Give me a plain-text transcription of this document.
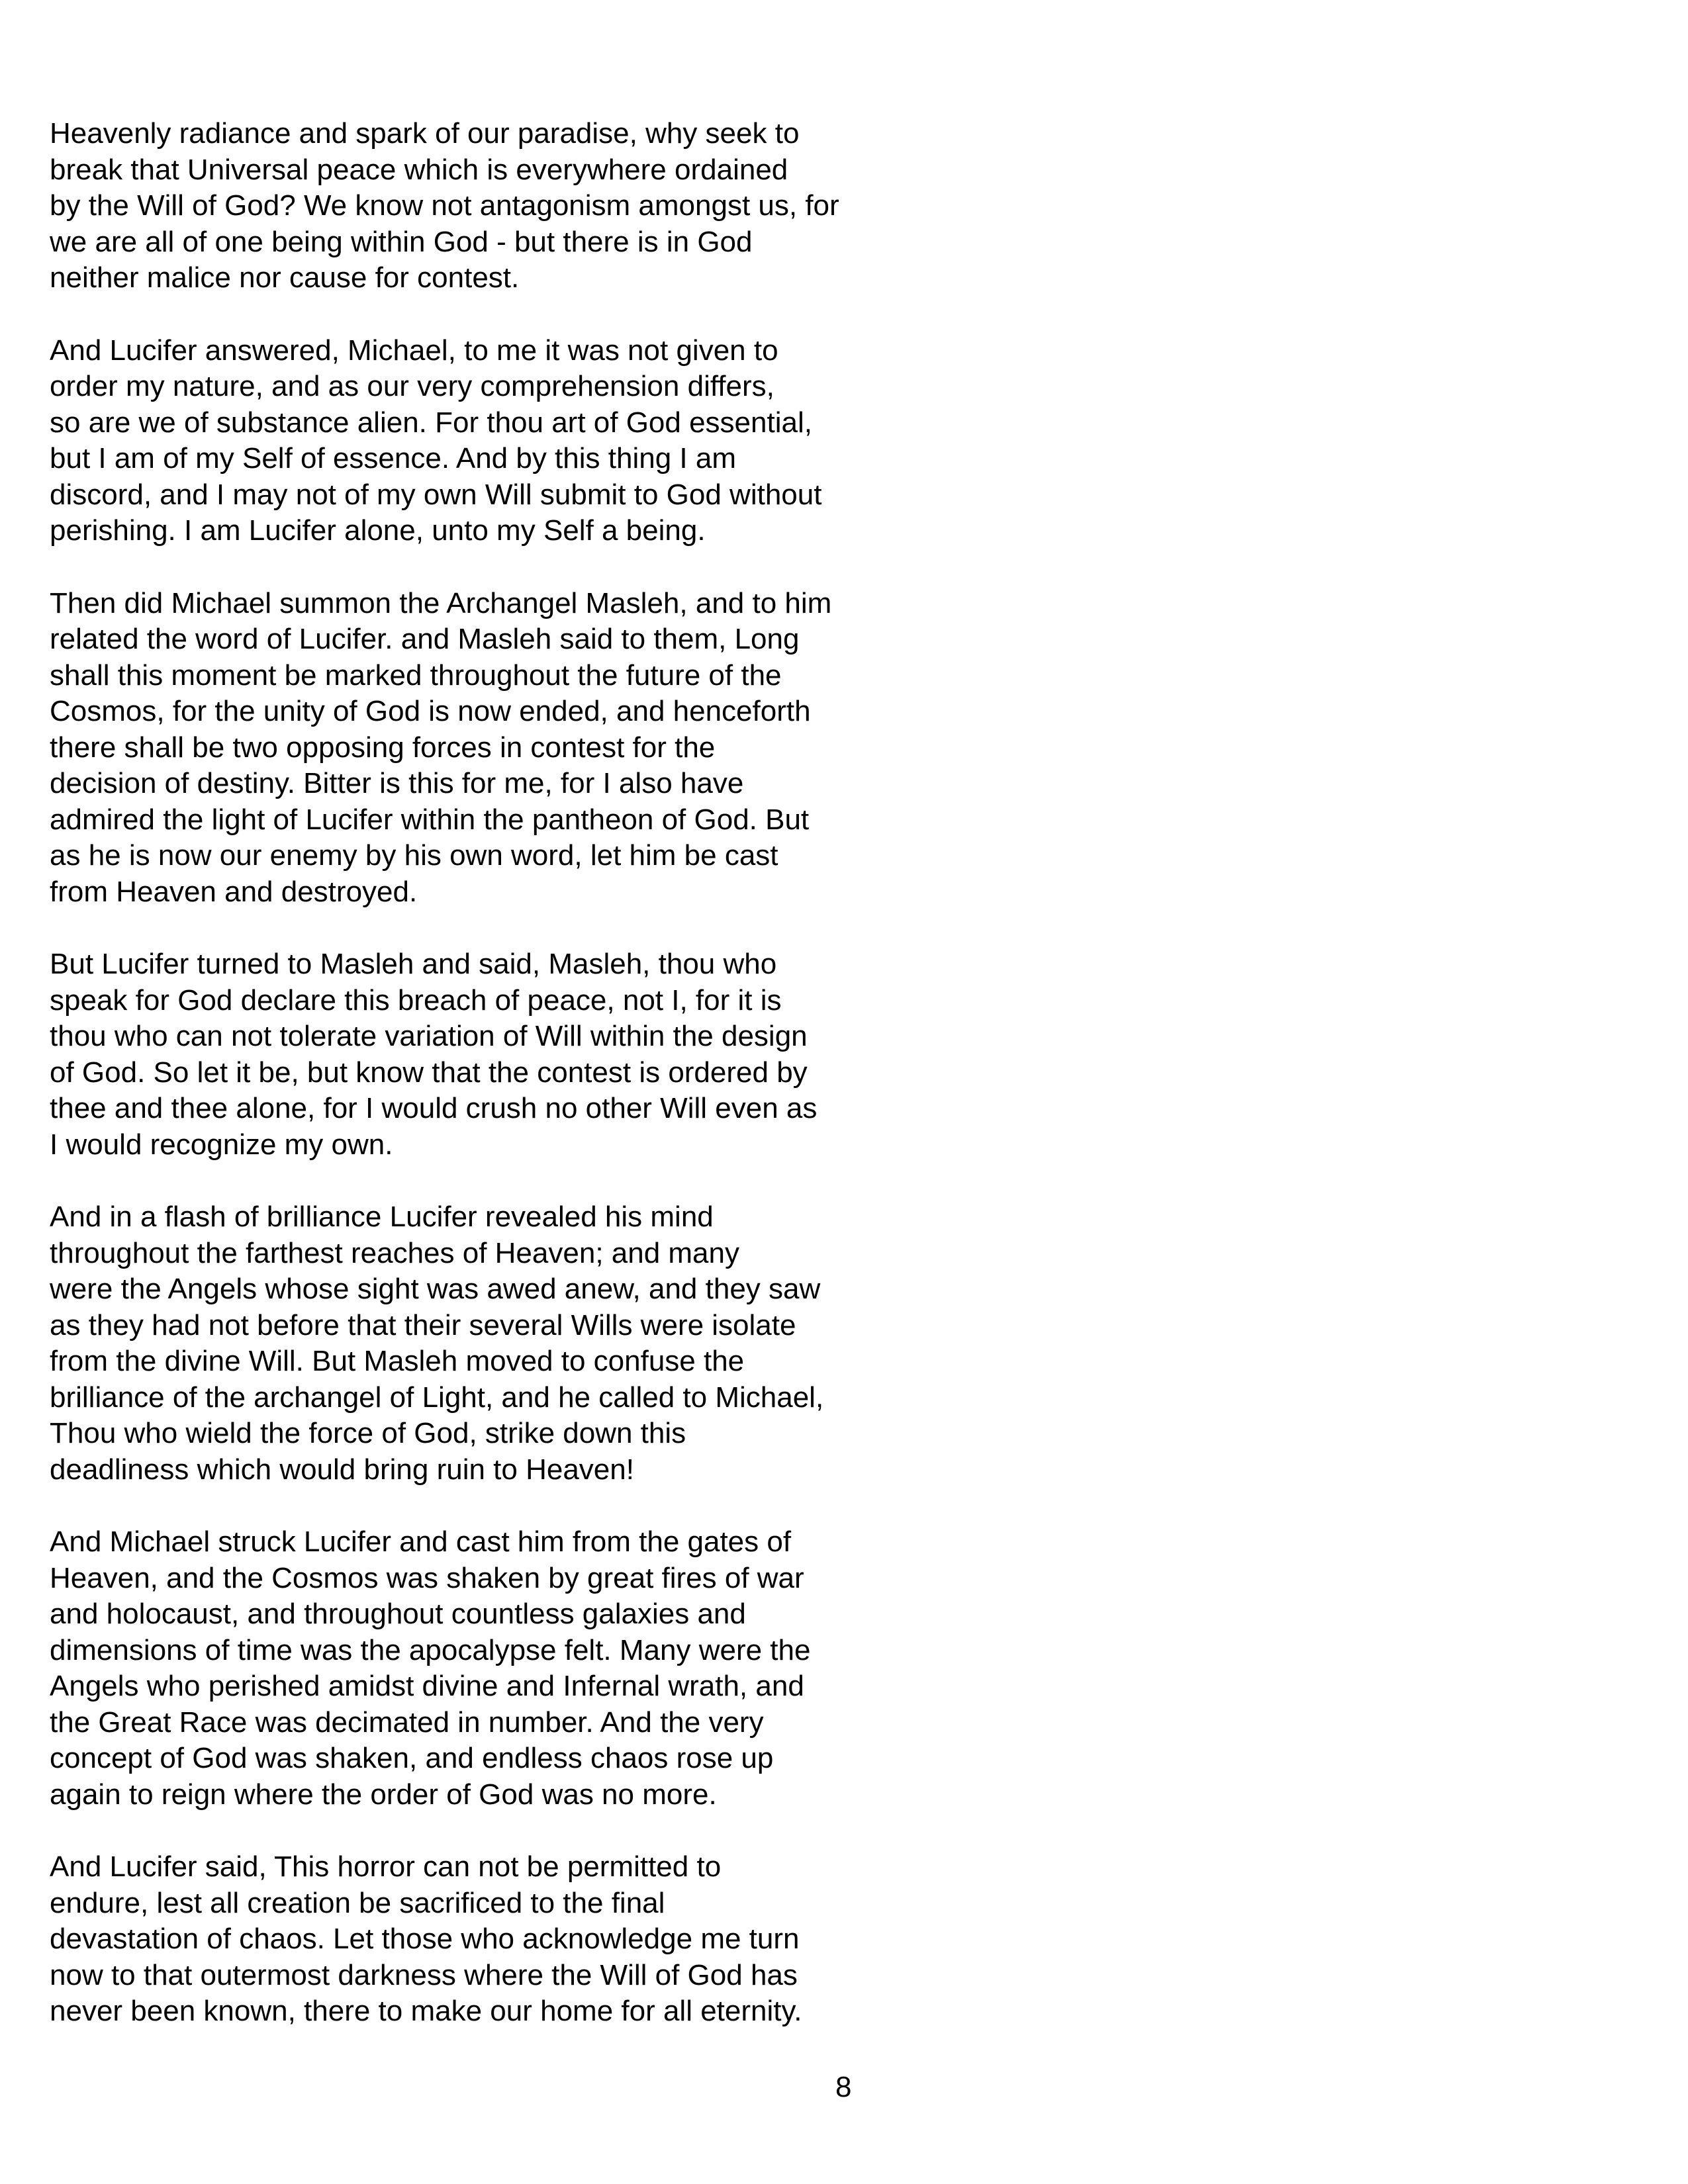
Heavenly radiance and spark of our paradise, why seek to
break that Universal peace which is everywhere ordained
by the Will of God? We know not antagonism amongst us, for
we are all of one being within God - but there is in God
neither malice nor cause for contest.

And Lucifer answered, Michael, to me it was not given to
order my nature, and as our very comprehension differs,
so are we of substance alien. For thou art of God essential,
but I am of my Self of essence. And by this thing I am
discord, and I may not of my own Will submit to God without
perishing. I am Lucifer alone, unto my Self a being.

Then did Michael summon the Archangel Masleh, and to him
related the word of Lucifer. and Masleh said to them, Long
shall this moment be marked throughout the future of the
Cosmos, for the unity of God is now ended, and henceforth
there shall be two opposing forces in contest for the
decision of destiny. Bitter is this for me, for I also have
admired the light of Lucifer within the pantheon of God. But
as he is now our enemy by his own word, let him be cast
from Heaven and destroyed.

But Lucifer turned to Masleh and said, Masleh, thou who
speak for God declare this breach of peace, not I, for it is
thou who can not tolerate variation of Will within the design
of God. So let it be, but know that the contest is ordered by
thee and thee alone, for I would crush no other Will even as
I would recognize my own.

And in a flash of brilliance Lucifer revealed his mind
throughout the farthest reaches of Heaven; and many
were the Angels whose sight was awed anew, and they saw
as they had not before that their several Wills were isolate
from the divine Will. But Masleh moved to confuse the
brilliance of the archangel of Light, and he called to Michael,
Thou who wield the force of God, strike down this
deadliness which would bring ruin to Heaven!

And Michael struck Lucifer and cast him from the gates of
Heaven, and the Cosmos was shaken by great fires of war
and holocaust, and throughout countless galaxies and
dimensions of time was the apocalypse felt. Many were the
Angels who perished amidst divine and Infernal wrath, and
the Great Race was decimated in number. And the very
concept of God was shaken, and endless chaos rose up
again to reign where the order of God was no more.

And Lucifer said, This horror can not be permitted to
endure, lest all creation be sacrificed to the final
devastation of chaos. Let those who acknowledge me turn
now to that outermost darkness where the Will of God has
never been known, there to make our home for all eternity.

8
